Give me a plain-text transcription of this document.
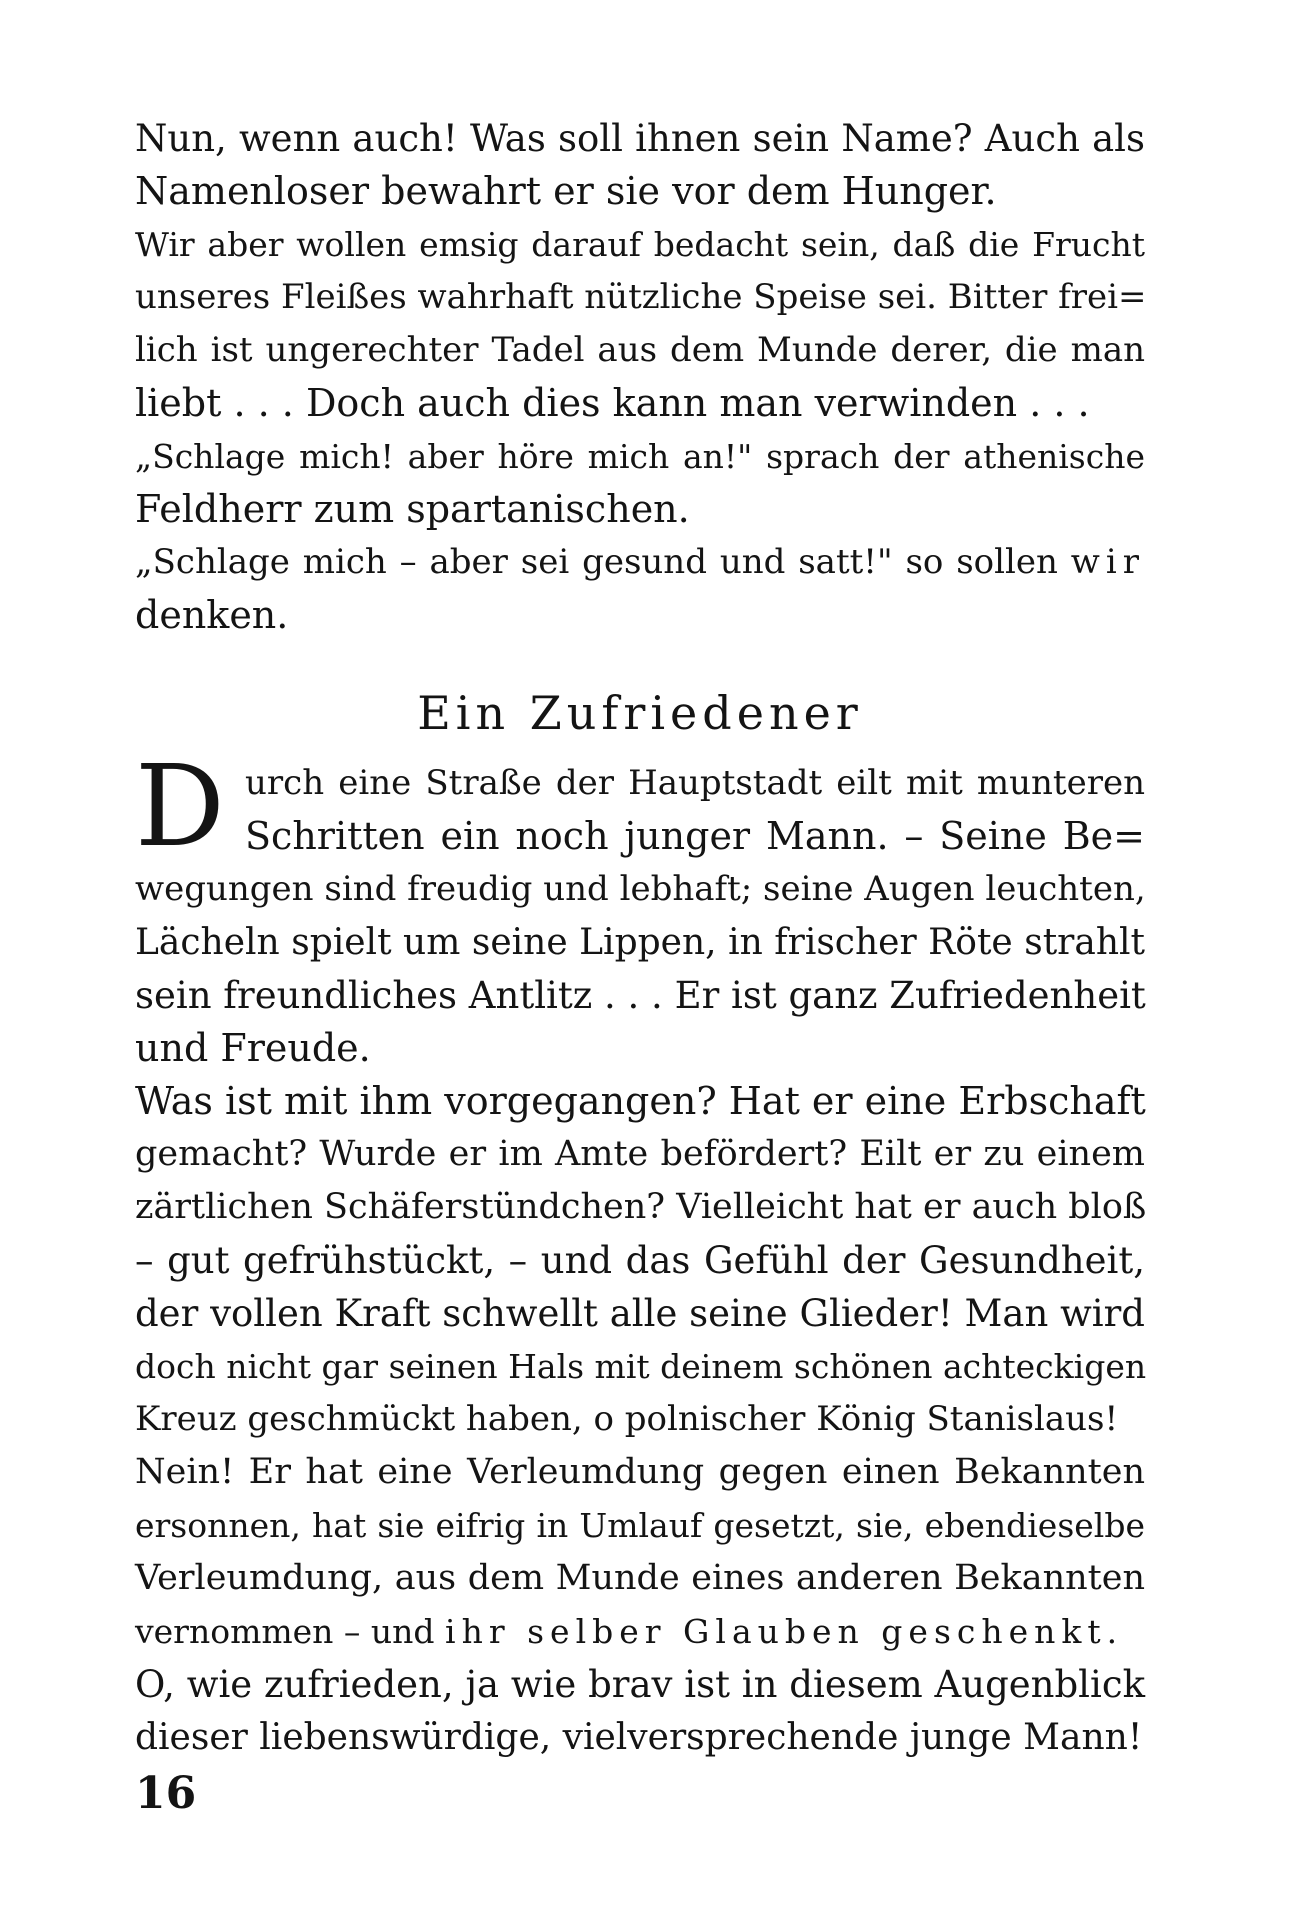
Nun, wenn auch! Was soll ihnen sein Name? Auch als
Namenloser bewahrt er sie vor dem Hunger.
Wir aber wollen emsig darauf bedacht sein, daß die Frucht
unseres Fleißes wahrhaft nützliche Speise sei. Bitter frei=
lich ist ungerechter Tadel aus dem Munde derer, die man
liebt . . . Doch auch dies kann man verwinden . . .
„Schlage mich! aber höre mich an!" sprach der athenische
Feldherr zum spartanischen.
„Schlage mich – aber sei gesund und satt!" so sollen wir
denken.
Ein Zufriedener
D urch eine Straße der Hauptstadt eilt mit munteren
Schritten ein noch junger Mann. – Seine Be=
wegungen sind freudig und lebhaft; seine Augen leuchten,
Lächeln spielt um seine Lippen, in frischer Röte strahlt
sein freundliches Antlitz . . . Er ist ganz Zufriedenheit
und Freude.
Was ist mit ihm vorgegangen? Hat er eine Erbschaft
gemacht? Wurde er im Amte befördert? Eilt er zu einem
zärtlichen Schäferstündchen? Vielleicht hat er auch bloß
– gut gefrühstückt, – und das Gefühl der Gesundheit,
der vollen Kraft schwellt alle seine Glieder! Man wird
doch nicht gar seinen Hals mit deinem schönen achteckigen
Kreuz geschmückt haben, o polnischer König Stanislaus!
Nein! Er hat eine Verleumdung gegen einen Bekannten
ersonnen, hat sie eifrig in Umlauf gesetzt, sie, ebendieselbe
Verleumdung, aus dem Munde eines anderen Bekannten
vernommen – und ihr selber Glauben geschenkt.
O, wie zufrieden, ja wie brav ist in diesem Augenblick
dieser liebenswürdige, vielversprechende junge Mann!
16
